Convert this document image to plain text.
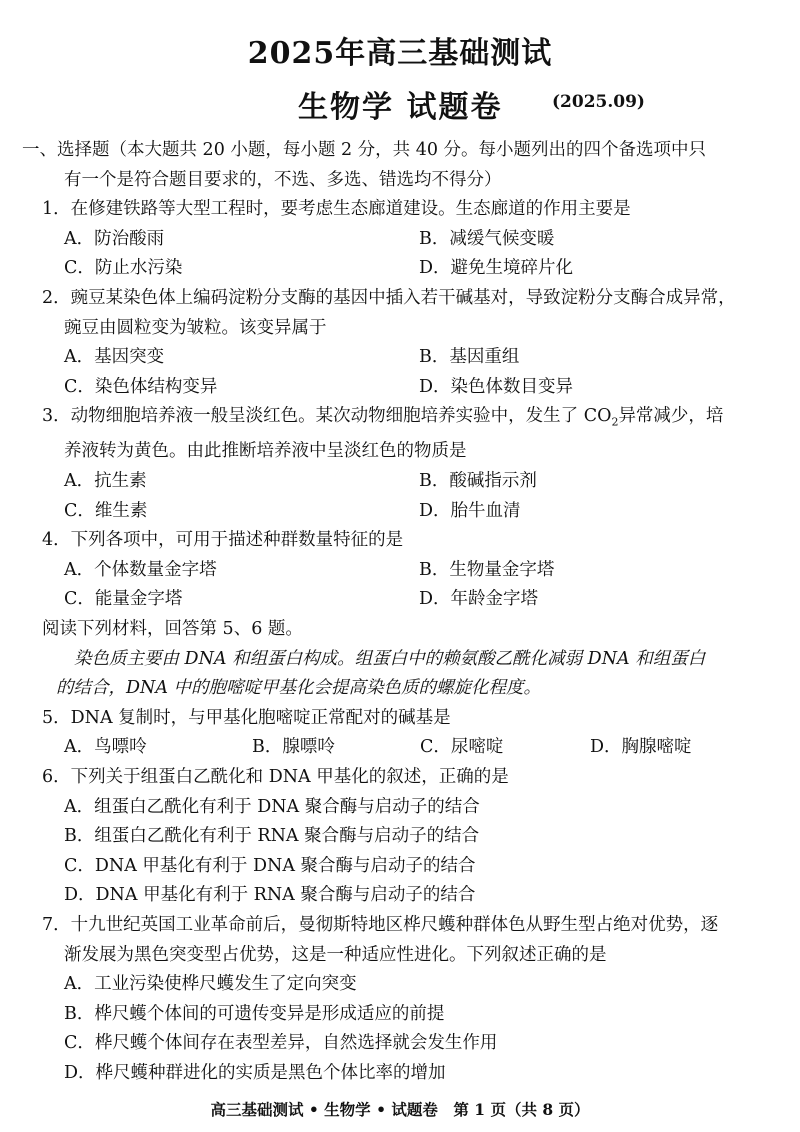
2025年高三基础测试
生物学 试题卷	(2025.09)
一、选择题（本大题共 20 小题，每小题 2 分，共 40 分。每小题列出的四个备选项中只
有一个是符合题目要求的，不选、多选、错选均不得分）
1．在修建铁路等大型工程时，要考虑生态廊道建设。生态廊道的作用主要是
A．防治酸雨	B．减缓气候变暖
C．防止水污染	D．避免生境碎片化
2．豌豆某染色体上编码淀粉分支酶的基因中插入若干碱基对，导致淀粉分支酶合成异常，
豌豆由圆粒变为皱粒。该变异属于
A．基因突变	B．基因重组
C．染色体结构变异	D．染色体数目变异
3．动物细胞培养液一般呈淡红色。某次动物细胞培养实验中，发生了 $CO_2$异常减少，培
养液转为黄色。由此推断培养液中呈淡红色的物质是
A．抗生素	B．酸碱指示剂
C．维生素	D．胎牛血清
4．下列各项中，可用于描述种群数量特征的是
A．个体数量金字塔	B．生物量金字塔
C．能量金字塔	D．年龄金字塔
阅读下列材料，回答第 5、6 题。
染色质主要由 DNA 和组蛋白构成。组蛋白中的赖氨酸乙酰化减弱 DNA 和组蛋白
的结合，DNA 中的胞嘧啶甲基化会提高染色质的螺旋化程度。
5．DNA 复制时，与甲基化胞嘧啶正常配对的碱基是
A．鸟嘌呤	B．腺嘌呤	C．尿嘧啶	D．胸腺嘧啶
6．下列关于组蛋白乙酰化和 DNA 甲基化的叙述，正确的是
A．组蛋白乙酰化有利于 DNA 聚合酶与启动子的结合
B．组蛋白乙酰化有利于 RNA 聚合酶与启动子的结合
C．DNA 甲基化有利于 DNA 聚合酶与启动子的结合
D．DNA 甲基化有利于 RNA 聚合酶与启动子的结合
7．十九世纪英国工业革命前后，曼彻斯特地区桦尺蠖种群体色从野生型占绝对优势，逐
渐发展为黑色突变型占优势，这是一种适应性进化。下列叙述正确的是
A．工业污染使桦尺蠖发生了定向突变
B．桦尺蠖个体间的可遗传变异是形成适应的前提
C．桦尺蠖个体间存在表型差异，自然选择就会发生作用
D．桦尺蠖种群进化的实质是黑色个体比率的增加
高三基础测试 • 生物学 • 试题卷　第 1 页（共 8 页）
